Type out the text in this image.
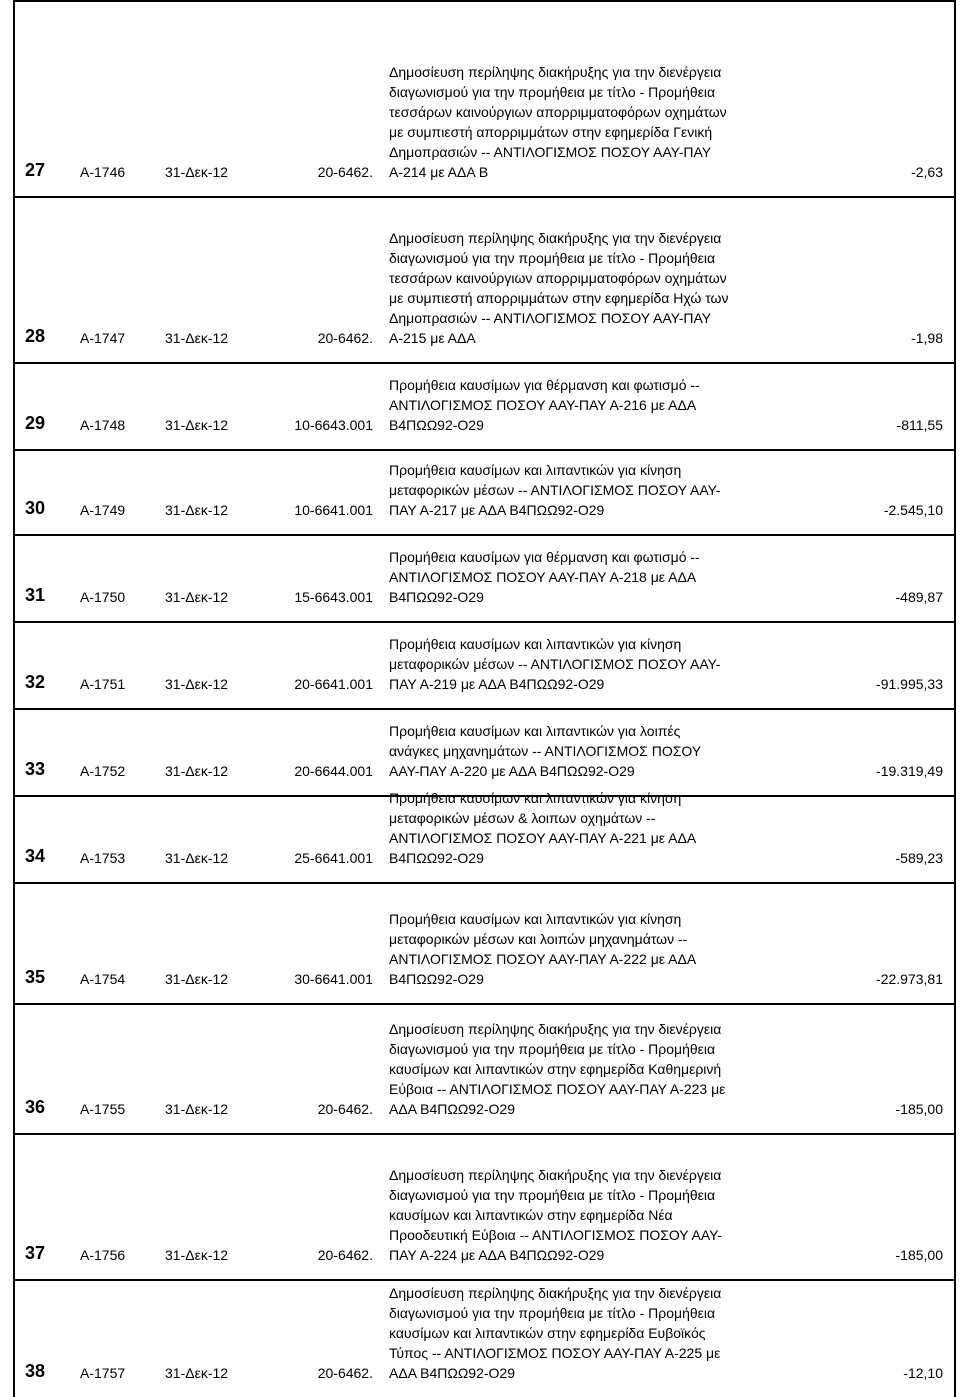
27 Α-1746	31-Δεκ-12	20-6462.
Δημοσίευση περίληψης διακήρυξης για την διενέργεια
διαγωνισμού για την προμήθεια με τίτλο - Προμήθεια
τεσσάρων καινούργιων απορριμματοφόρων οχημάτων
με συμπιεστή απορριμμάτων στην εφημερίδα Γενική
Δημοπρασιών -- ΑΝΤΙΛΟΓΙΣΜΟΣ ΠΟΣΟΥ ΑΑΥ-ΠΑΥ
Α-214 με ΑΔΑ Β	-2,63
28 Α-1747	31-Δεκ-12	20-6462.
Δημοσίευση περίληψης διακήρυξης για την διενέργεια
διαγωνισμού για την προμήθεια με τίτλο - Προμήθεια
τεσσάρων καινούργιων απορριμματοφόρων οχημάτων
με συμπιεστή απορριμμάτων στην εφημερίδα Ηχώ των
Δημοπρασιών -- ΑΝΤΙΛΟΓΙΣΜΟΣ ΠΟΣΟΥ ΑΑΥ-ΠΑΥ
Α-215 με ΑΔΑ	-1,98
29 Α-1748	31-Δεκ-12	10-6643.001
Προμήθεια καυσίμων για θέρμανση και φωτισμό --
ΑΝΤΙΛΟΓΙΣΜΟΣ ΠΟΣΟΥ ΑΑΥ-ΠΑΥ Α-216 με ΑΔΑ
Β4ΠΩΩ92-Ο29	-811,55
30 Α-1749	31-Δεκ-12	10-6641.001
Προμήθεια καυσίμων και λιπαντικών για κίνηση
μεταφορικών μέσων -- ΑΝΤΙΛΟΓΙΣΜΟΣ ΠΟΣΟΥ ΑΑΥ-
ΠΑΥ Α-217 με ΑΔΑ Β4ΠΩΩ92-Ο29	-2.545,10
31 Α-1750	31-Δεκ-12	15-6643.001
Προμήθεια καυσίμων για θέρμανση και φωτισμό --
ΑΝΤΙΛΟΓΙΣΜΟΣ ΠΟΣΟΥ ΑΑΥ-ΠΑΥ Α-218 με ΑΔΑ
Β4ΠΩΩ92-Ο29	-489,87
32 Α-1751	31-Δεκ-12	20-6641.001
Προμήθεια καυσίμων και λιπαντικών για κίνηση
μεταφορικών μέσων -- ΑΝΤΙΛΟΓΙΣΜΟΣ ΠΟΣΟΥ ΑΑΥ-
ΠΑΥ Α-219 με ΑΔΑ Β4ΠΩΩ92-Ο29	-91.995,33
33 Α-1752	31-Δεκ-12	20-6644.001
Προμήθεια καυσίμων και λιπαντικών για λοιπές
ανάγκες μηχανημάτων -- ΑΝΤΙΛΟΓΙΣΜΟΣ ΠΟΣΟΥ
ΑΑΥ-ΠΑΥ Α-220 με ΑΔΑ Β4ΠΩΩ92-Ο29	-19.319,49
34 Α-1753	31-Δεκ-12	25-6641.001
Προμήθεια καυσίμων και λιπαντικών για κίνηση
μεταφορικών μέσων & λοιπων οχημάτων --
ΑΝΤΙΛΟΓΙΣΜΟΣ ΠΟΣΟΥ ΑΑΥ-ΠΑΥ Α-221 με ΑΔΑ
Β4ΠΩΩ92-Ο29	-589,23
35 Α-1754	31-Δεκ-12	30-6641.001
Προμήθεια καυσίμων και λιπαντικών για κίνηση
μεταφορικών μέσων και λοιπών μηχανημάτων --
ΑΝΤΙΛΟΓΙΣΜΟΣ ΠΟΣΟΥ ΑΑΥ-ΠΑΥ Α-222 με ΑΔΑ
Β4ΠΩΩ92-Ο29	-22.973,81
36 Α-1755	31-Δεκ-12	20-6462.
Δημοσίευση περίληψης διακήρυξης για την διενέργεια
διαγωνισμού για την προμήθεια με τίτλο - Προμήθεια
καυσίμων και λιπαντικών στην εφημερίδα Καθημερινή
Εύβοια -- ΑΝΤΙΛΟΓΙΣΜΟΣ ΠΟΣΟΥ ΑΑΥ-ΠΑΥ Α-223 με
ΑΔΑ Β4ΠΩΩ92-Ο29	-185,00
37 Α-1756	31-Δεκ-12	20-6462.
Δημοσίευση περίληψης διακήρυξης για την διενέργεια
διαγωνισμού για την προμήθεια με τίτλο - Προμήθεια
καυσίμων και λιπαντικών στην εφημερίδα Νέα
Προοδευτική Εύβοια -- ΑΝΤΙΛΟΓΙΣΜΟΣ ΠΟΣΟΥ ΑΑΥ-
ΠΑΥ Α-224 με ΑΔΑ Β4ΠΩΩ92-Ο29	-185,00
38 Α-1757	31-Δεκ-12	20-6462.
Δημοσίευση περίληψης διακήρυξης για την διενέργεια
διαγωνισμού για την προμήθεια με τίτλο - Προμήθεια
καυσίμων και λιπαντικών στην εφημερίδα Ευβοϊκός
Τύπος -- ΑΝΤΙΛΟΓΙΣΜΟΣ ΠΟΣΟΥ ΑΑΥ-ΠΑΥ Α-225 με
ΑΔΑ Β4ΠΩΩ92-Ο29	-12,10
